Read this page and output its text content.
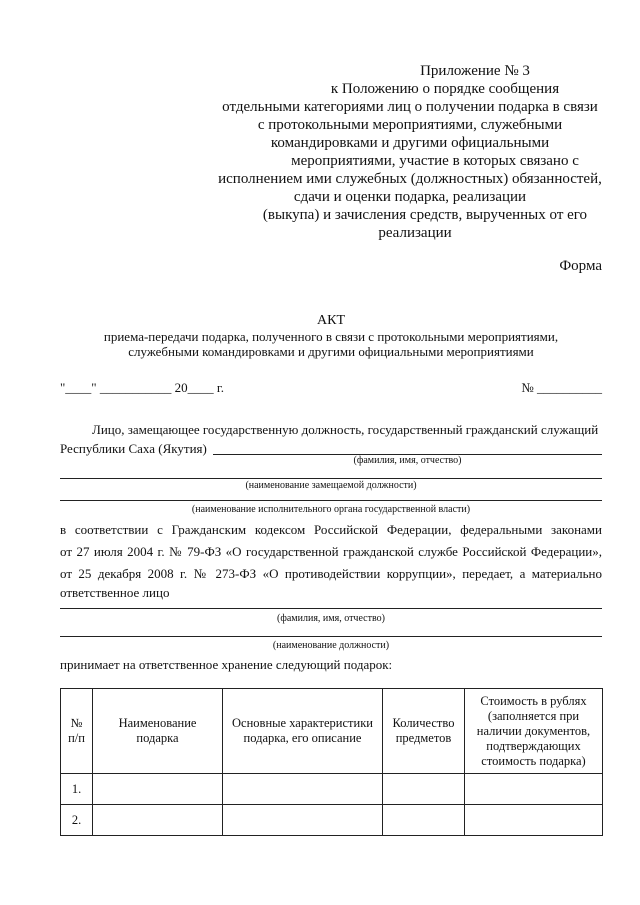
Приложение № 3
к Положению о порядке сообщения
отдельными категориями лиц о получении подарка в связи
с протокольными мероприятиями, служебными
командировками и другими официальными
мероприятиями, участие в которых связано с
исполнением ими служебных (должностных) обязанностей,
сдачи и оценки подарка, реализации
(выкупа) и зачисления средств, вырученных от его
реализации
Форма
АКТ
приема-передачи подарка, полученного в связи с протокольными мероприятиями,
служебными командировками и другими официальными мероприятиями
"____" ___________ 20____ г.	№ __________
Лицо, замещающее государственную должность, государственный гражданский служащий
Республики Саха (Якутия)
(фамилия, имя, отчество)
(наименование замещаемой должности)
(наименование исполнительного органа государственной власти)
в соответствии с Гражданским кодексом Российской Федерации, федеральными законами
от 27 июля 2004 г. № 79-ФЗ «О государственной гражданской службе Российской Федерации»,
от 25 декабря 2008 г. № 273-ФЗ «О противодействии коррупции», передает, а материально
ответственное лицо
(фамилия, имя, отчество)
(наименование должности)
принимает на ответственное хранение следующий подарок:
№ п/п	Наименование подарка	Основные характеристики подарка, его описание	Количество предметов	Стоимость в рублях (заполняется при наличии документов, подтверждающих стоимость подарка)
1.				
2.				
